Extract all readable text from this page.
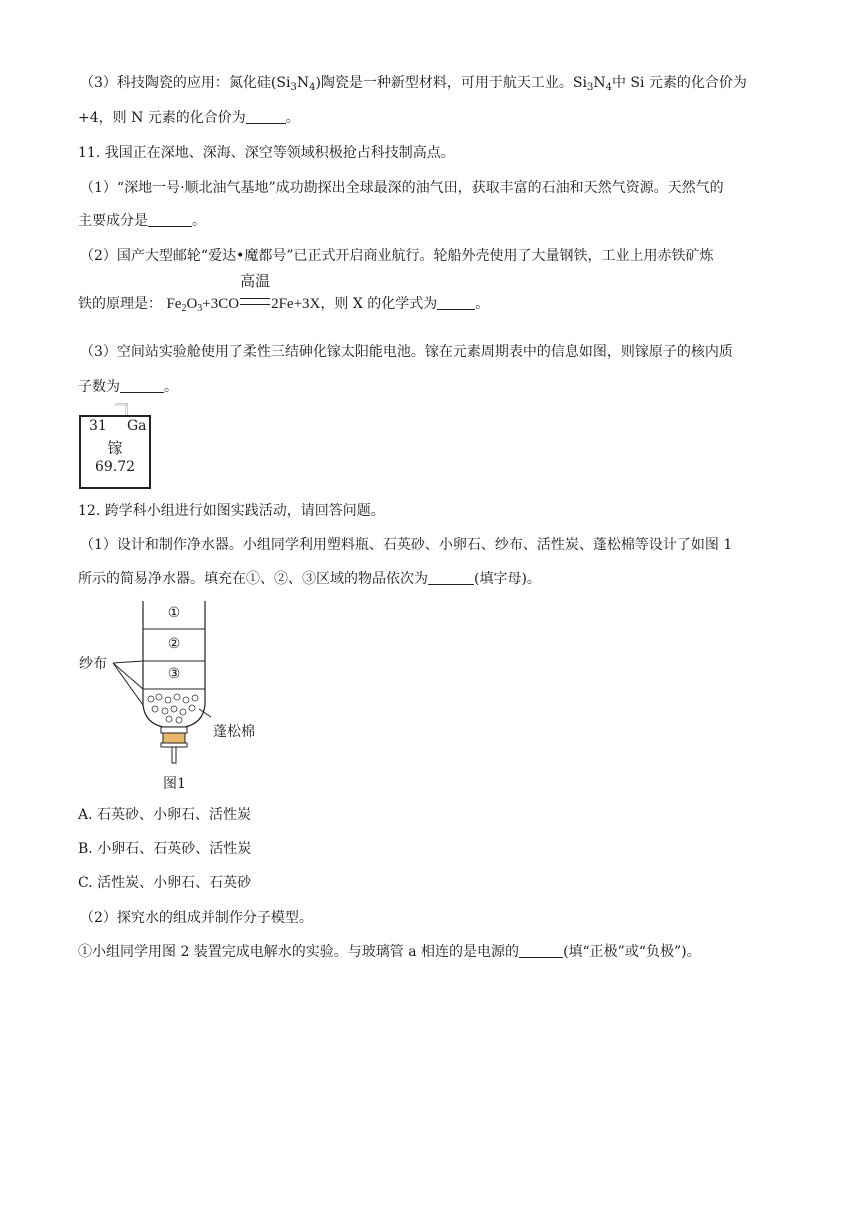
（3）科技陶瓷的应用：氮化硅$(Si_3N_4)$陶瓷是一种新型材料，可用于航天工业。$Si_3N_4$中 Si 元素的化合价为
+4，则 N 元素的化合价为	。
11. 我国正在深地、深海、深空等领域积极抢占科技制高点。
（1）“深地一号·顺北油气基地”成功勘探出全球最深的油气田，获取丰富的石油和天然气资源。天然气的
主要成分是	。
（2）国产大型邮轮“爱达•魔都号”已正式开启商业航行。轮船外壳使用了大量钢铁，工业上用赤铁矿炼
铁的原理是： $Fe_2O_3+3CO$
高温
2Fe+3X，则 X 的化学式为	。
（3）空间站实验舱使用了柔性三结砷化镓太阳能电池。镓在元素周期表中的信息如图，则镓原子的核内质
子数为	。
31 Ga
镓
69.72
12. 跨学科小组进行如图实践活动，请回答问题。
（1）设计和制作净水器。小组同学利用塑料瓶、石英砂、小卵石、纱布、活性炭、蓬松棉等设计了如图 1
所示的简易净水器。填充在①、②、③区域的物品依次为	(填字母)。
①
②
③
纱布
蓬松棉
图1
A. 石英砂、小卵石、活性炭
B. 小卵石、石英砂、活性炭
C. 活性炭、小卵石、石英砂
（2）探究水的组成并制作分子模型。
①小组同学用图 2 装置完成电解水的实验。与玻璃管 a 相连的是电源的	(填“正极”或“负极”)。
